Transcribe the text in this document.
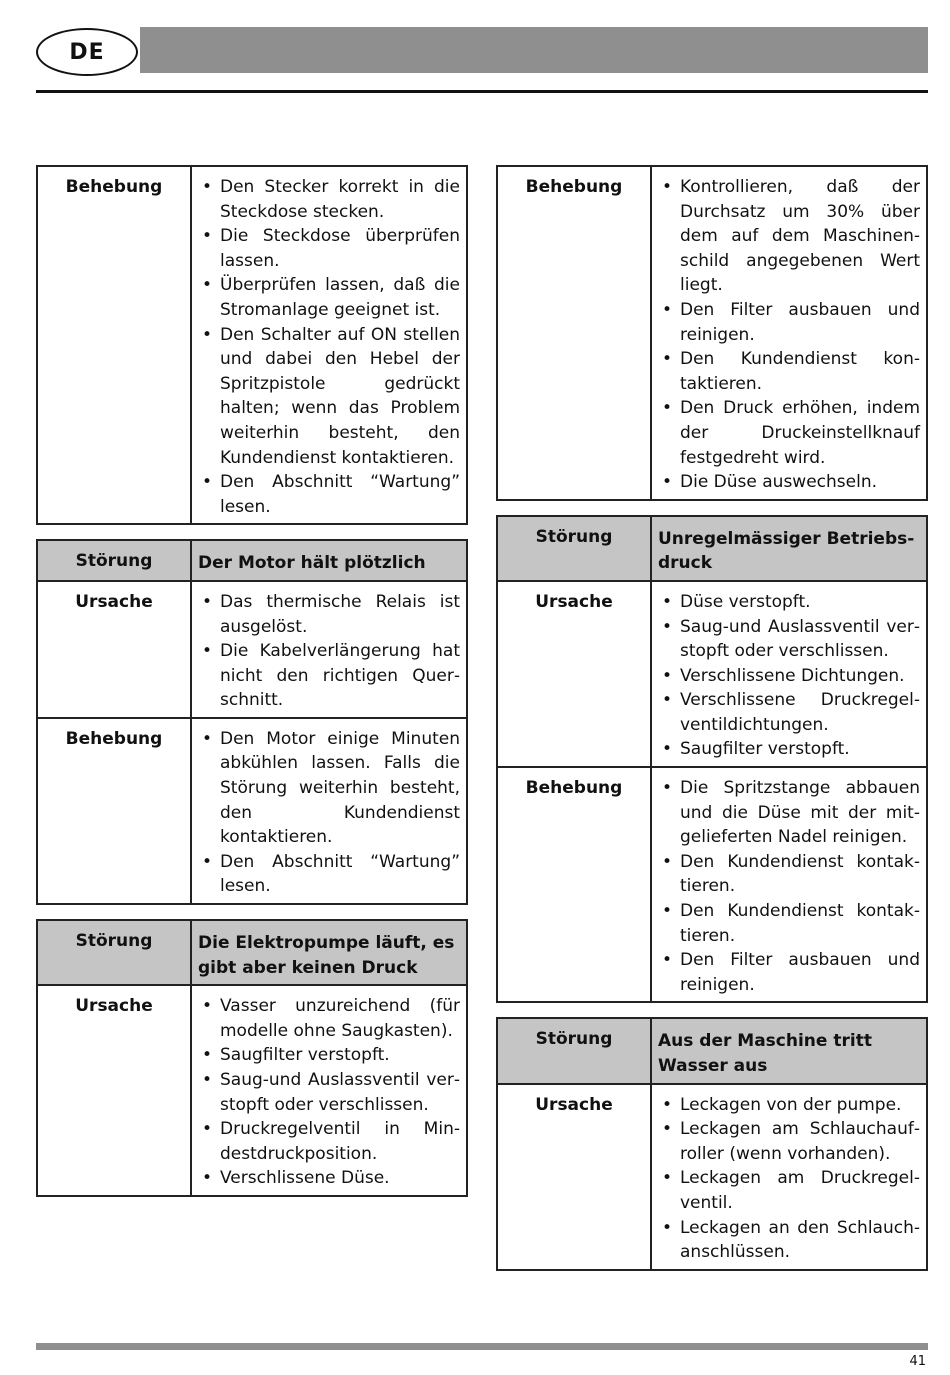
DE
Behebung	• Den Stecker korrekt in die Steckdose stecken.
• Die Steckdose überprüfen lassen.
• Überprüfen lassen, daß die Stromanlage geeignet ist.
• Den Schalter auf ON stellen und dabei den Hebel der Spritzpistole gedrückt halten; wenn das Problem weiterhin besteht, den Kundendienst kontaktieren.
• Den Abschnitt “Wartung” lesen.
Störung	Der Motor hält plötzlich
Ursache	• Das thermische Relais ist ausgelöst.
• Die Kabelverlängerung hat nicht den richtigen Querschnitt.
Behebung	• Den Motor einige Minuten abkühlen lassen. Falls die Störung weiterhin besteht, den Kundendienst kontaktieren.
• Den Abschnitt “Wartung” lesen.
Störung	Die Elektropumpe läuft, es gibt aber keinen Druck
Ursache	• Vasser unzureichend (für modelle ohne Saugkasten).
• Saugfilter verstopft.
• Saug-und Auslassventil verstopft oder verschlissen.
• Druckregelventil in Mindestdruckposition.
• Verschlissene Düse.
Behebung	• Kontrollieren, daß der Durchsatz um 30% über dem auf dem Maschinenschild angegebenen Wert liegt.
• Den Filter ausbauen und reinigen.
• Den Kundendienst kontaktieren.
• Den Druck erhöhen, indem der Druckeinstellknauf festgedreht wird.
• Die Düse auswechseln.
Störung	Unregelmässiger Betriebsdruck
Ursache	• Düse verstopft.
• Saug-und Auslassventil verstopft oder verschlissen.
• Verschlissene Dichtungen.
• Verschlissene Druckregelventildichtungen.
• Saugfilter verstopft.
Behebung	• Die Spritzstange abbauen und die Düse mit der mitgelieferten Nadel reinigen.
• Den Kundendienst kontaktieren.
• Den Kundendienst kontaktieren.
• Den Filter ausbauen und reinigen.
Störung	Aus der Maschine tritt Wasser aus
Ursache	• Leckagen von der pumpe.
• Leckagen am Schlauchaufroller (wenn vorhanden).
• Leckagen am Druckregelventil.
• Leckagen an den Schlauchanschlüssen.
41
